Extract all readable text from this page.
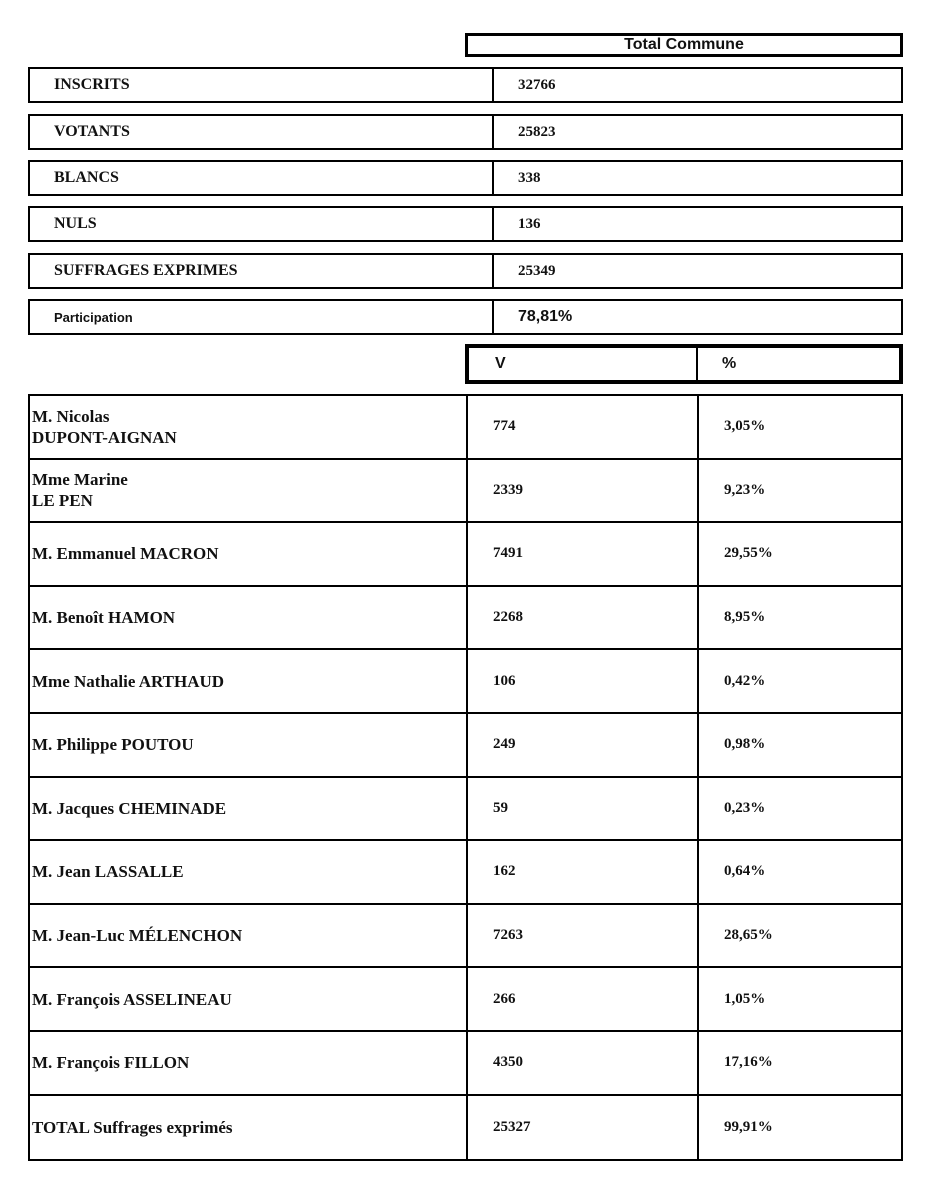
Total Commune
INSCRITS	32766
VOTANTS	25823
BLANCS	338
NULS	136
SUFFRAGES EXPRIMES	25349
Participation	78,81%
V	%
M. Nicolas
DUPONT-AIGNAN
774	3,05%
Mme Marine
LE PEN
2339	9,23%
M. Emmanuel MACRON	7491	29,55%
M. Benoît HAMON	2268	8,95%
Mme Nathalie ARTHAUD	106	0,42%
M. Philippe POUTOU	249	0,98%
M. Jacques CHEMINADE	59	0,23%
M. Jean LASSALLE	162	0,64%
M. Jean-Luc MÉLENCHON	7263	28,65%
M. François ASSELINEAU	266	1,05%
M. François FILLON	4350	17,16%
TOTAL Suffrages exprimés	25327	99,91%
